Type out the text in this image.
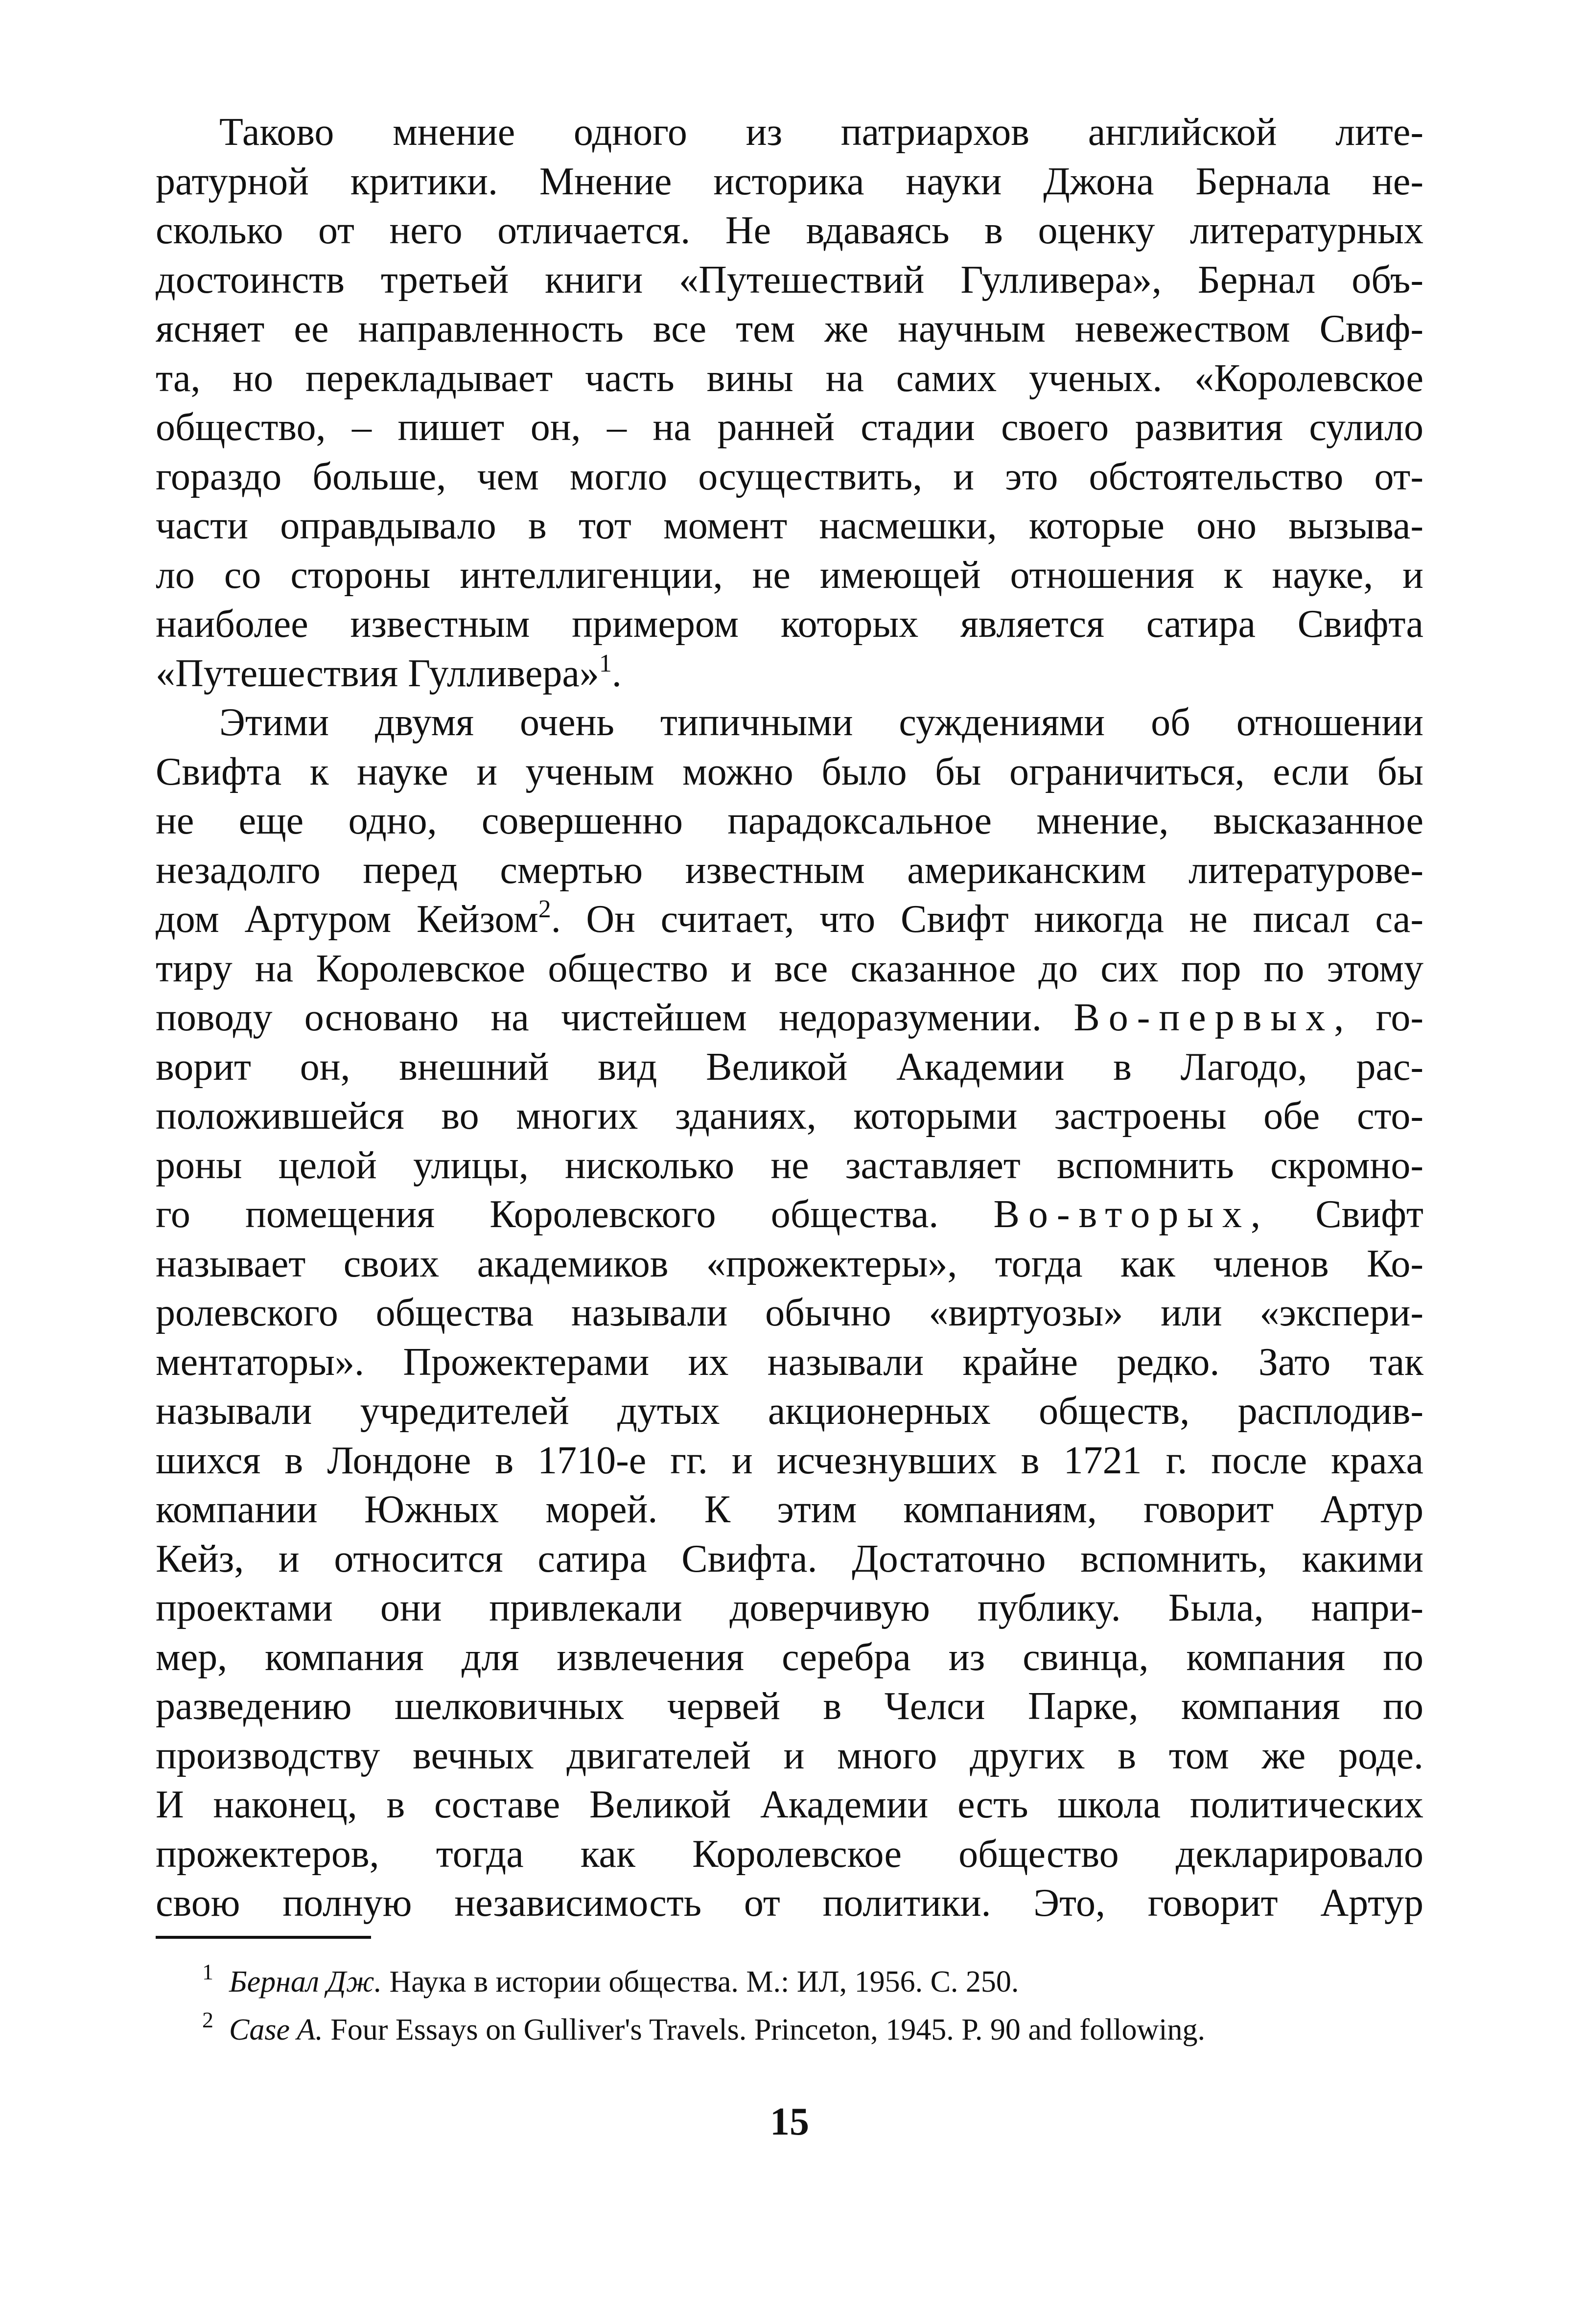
Таково мнение одного из патриархов английской лите-
ратурной критики. Мнение историка науки Джона Бернала не-
сколько от него отличается. Не вдаваясь в оценку литературных
достоинств третьей книги «Путешествий Гулливера», Бернал объ-
ясняет ее направленность все тем же научным невежеством Свиф-
та, но перекладывает часть вины на самих ученых. «Королевское
общество, – пишет он, – на ранней стадии своего развития сулило
гораздо больше, чем могло осуществить, и это обстоятельство от-
части оправдывало в тот момент насмешки, которые оно вызыва-
ло со стороны интеллигенции, не имеющей отношения к науке, и
наиболее известным примером которых является сатира Свифта
«Путешествия Гулливера»$^1$.
Этими двумя очень типичными суждениями об отношении
Свифта к науке и ученым можно было бы ограничиться, если бы
не еще одно, совершенно парадоксальное мнение, высказанное
незадолго перед смертью известным американским литературове-
дом Артуром Кейзом$^2$. Он считает, что Свифт никогда не писал са-
тиру на Королевское общество и все сказанное до сих пор по этому
поводу основано на чистейшем недоразумении. Во-первых, го-
ворит он, внешний вид Великой Академии в Лагодо, рас-
положившейся во многих зданиях, которыми застроены обе сто-
роны целой улицы, нисколько не заставляет вспомнить скромно-
го помещения Королевского общества. Во-вторых, Свифт
называет своих академиков «прожектеры», тогда как членов Ко-
ролевского общества называли обычно «виртуозы» или «экспери-
ментаторы». Прожектерами их называли крайне редко. Зато так
называли учредителей дутых акционерных обществ, расплодив-
шихся в Лондоне в 1710-е гг. и исчезнувших в 1721 г. после краха
компании Южных морей. К этим компаниям, говорит Артур
Кейз, и относится сатира Свифта. Достаточно вспомнить, какими
проектами они привлекали доверчивую публику. Была, напри-
мер, компания для извлечения серебра из свинца, компания по
разведению шелковичных червей в Челси Парке, компания по
производству вечных двигателей и много других в том же роде.
И наконец, в составе Великой Академии есть школа политических
прожектеров, тогда как Королевское общество декларировало
свою полную независимость от политики. Это, говорит Артур
1 Бернал Дж. Наука в истории общества. М.: ИЛ, 1956. С. 250.
2 Case A. Four Essays on Gulliver's Travels. Princeton, 1945. P. 90 and following.
15
